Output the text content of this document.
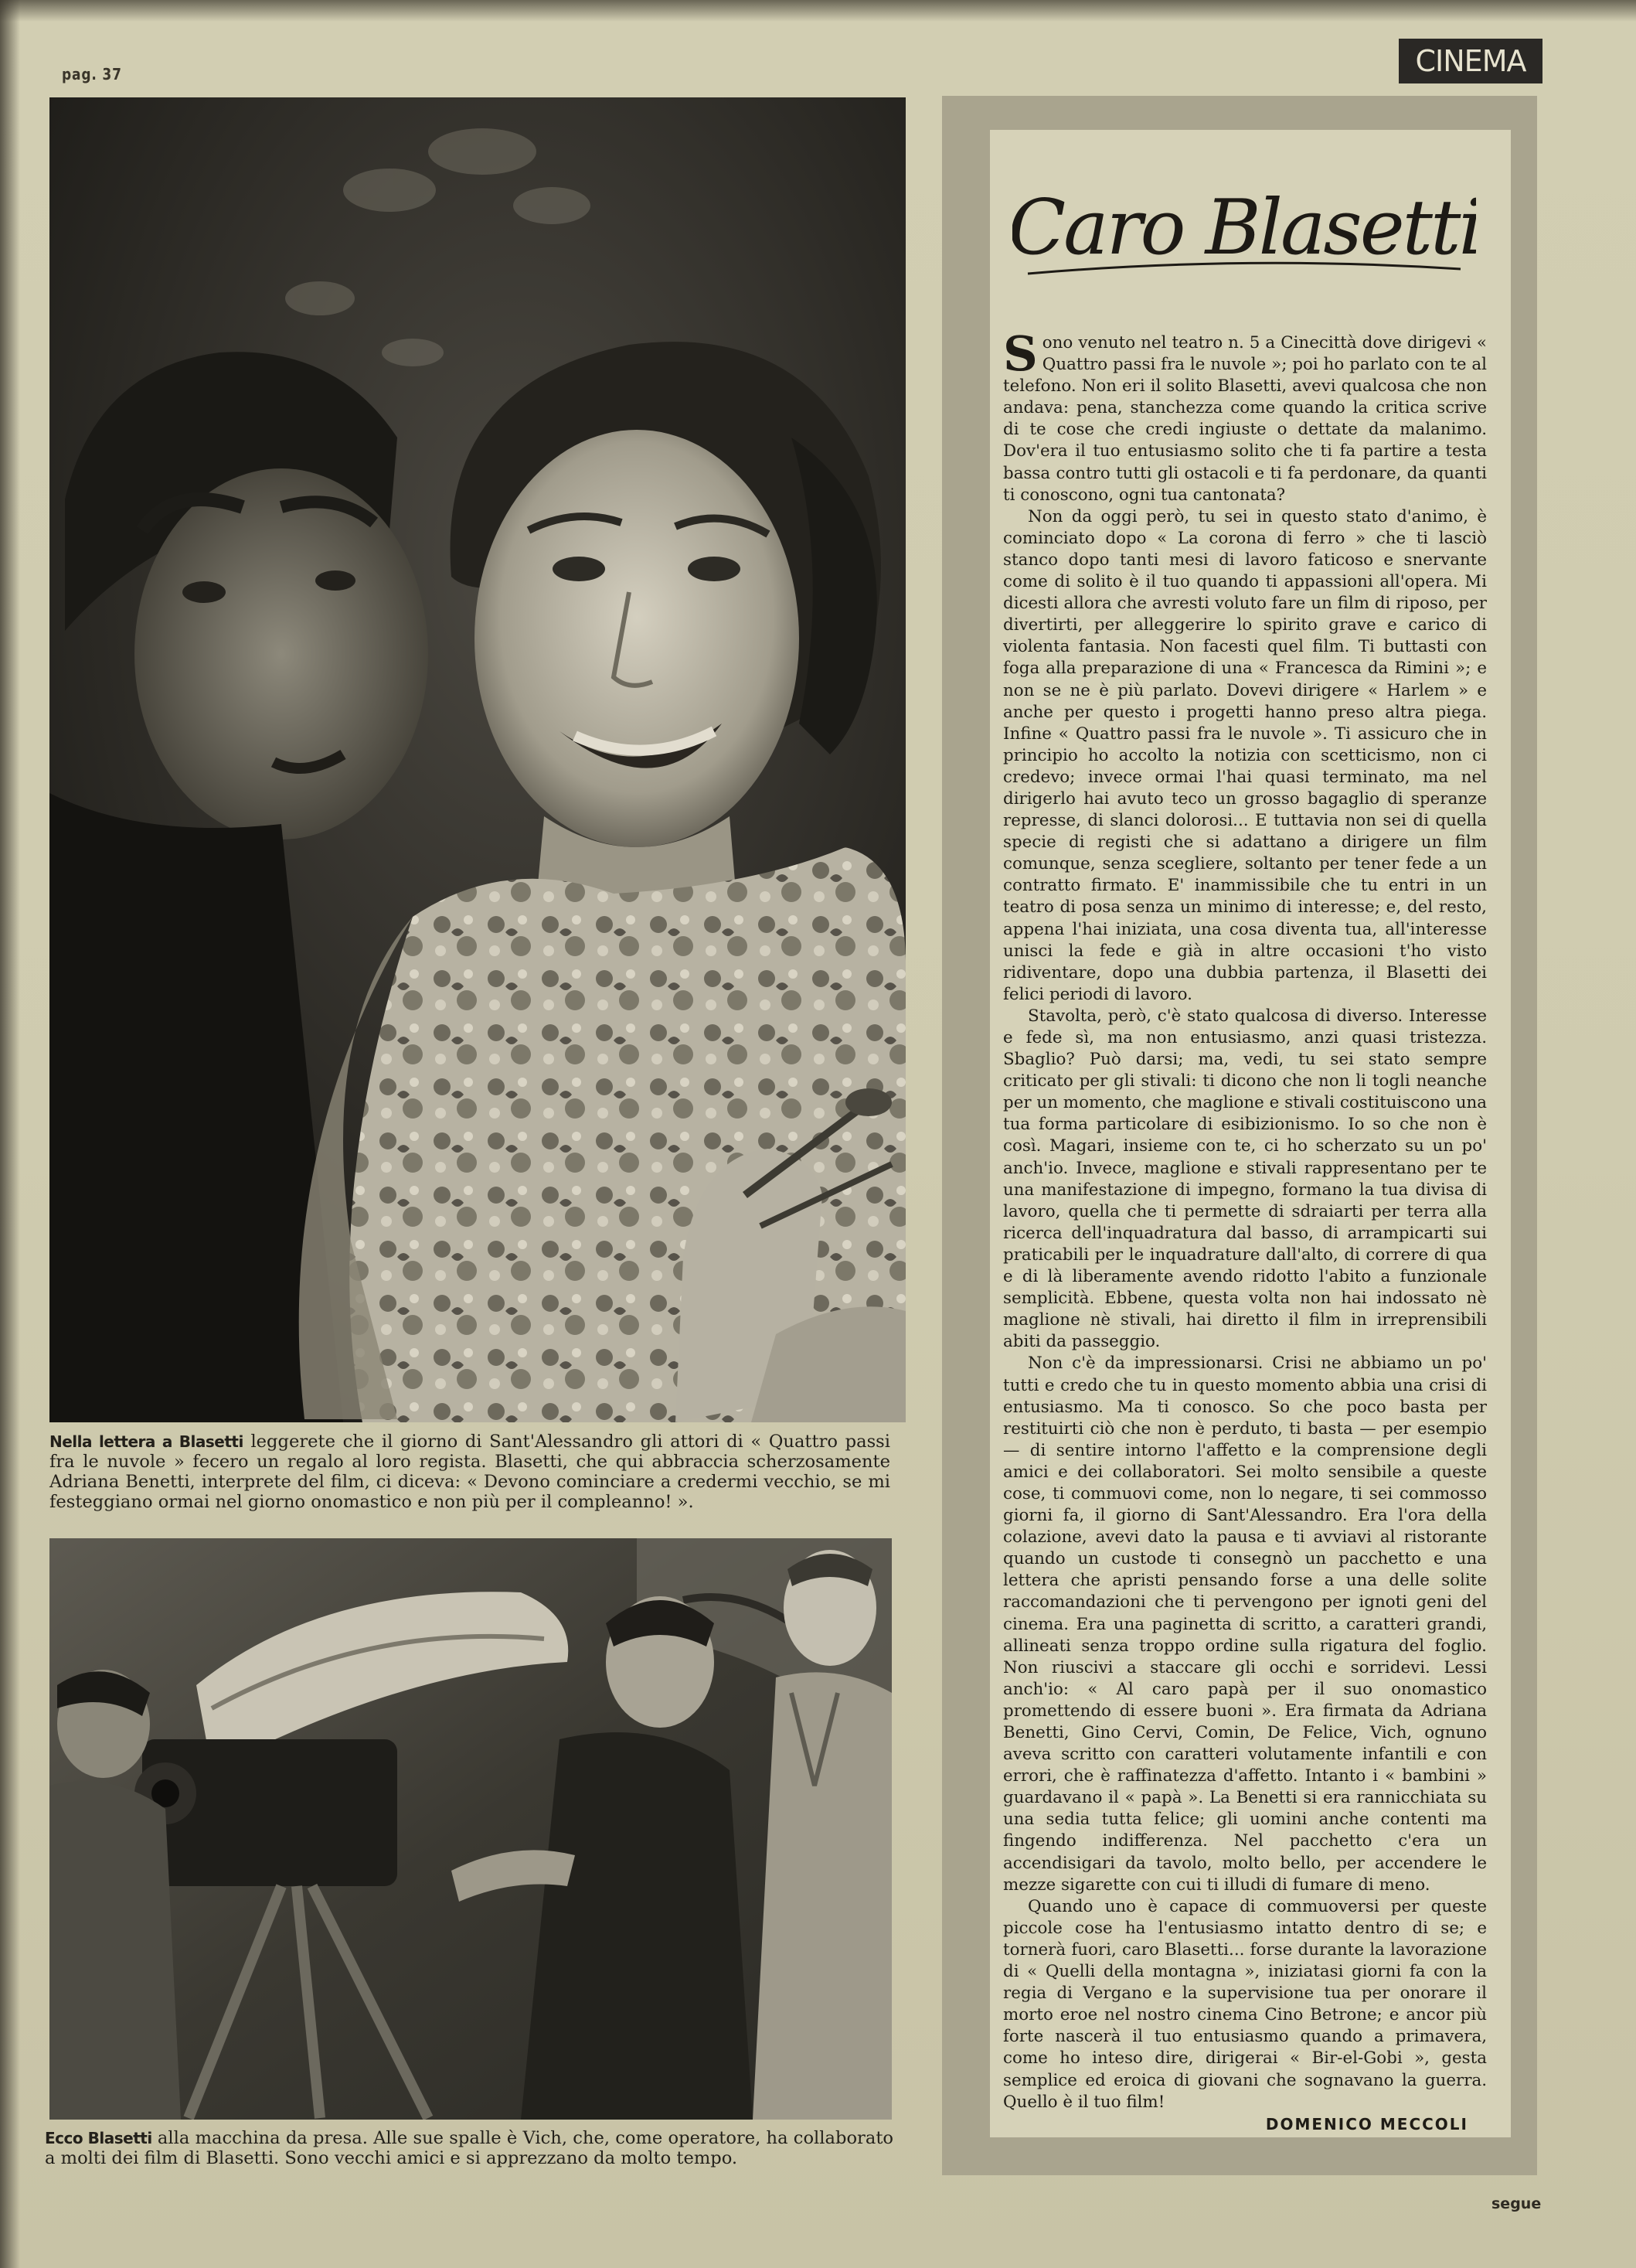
pag. 37	CINEMA
Nella lettera a Blasetti leggerete che il giorno di Sant'Alessandro gli attori di « Quattro passi fra le nuvole » fecero un regalo al loro regista. Blasetti, che qui abbraccia scherzosamente Adriana Benetti, interprete del film, ci diceva: « Devono cominciare a credermi vecchio, se mi festeggiano ormai nel giorno onomastico e non più per il compleanno! ».
Ecco Blasetti alla macchina da presa. Alle sue spalle è Vich, che, come operatore, ha collaborato a molti dei film di Blasetti. Sono vecchi amici e si apprezzano da molto tempo.
Caro Blasetti

Sono venuto nel teatro n. 5 a Cinecittà dove dirigevi « Quattro passi fra le nuvole »; poi ho parlato con te al telefono. Non eri il solito Blasetti, avevi qualcosa che non andava: pena, stanchezza come quando la critica scrive di te cose che credi ingiuste o dettate da malanimo. Dov'era il tuo entusiasmo solito che ti fa partire a testa bassa contro tutti gli ostacoli e ti fa perdonare, da quanti ti conoscono, ogni tua cantonata?

Non da oggi però, tu sei in questo stato d'animo, è cominciato dopo « La corona di ferro » che ti lasciò stanco dopo tanti mesi di lavoro faticoso e snervante come di solito è il tuo quando ti appassioni all'opera. Mi dicesti allora che avresti voluto fare un film di riposo, per divertirti, per alleggerire lo spirito grave e carico di violenta fantasia. Non facesti quel film. Ti buttasti con foga alla preparazione di una « Francesca da Rimini »; e non se ne è più parlato. Dovevi dirigere « Harlem » e anche per questo i progetti hanno preso altra piega. Infine « Quattro passi fra le nuvole ». Ti assicuro che in principio ho accolto la notizia con scetticismo, non ci credevo; invece ormai l'hai quasi terminato, ma nel dirigerlo hai avuto teco un grosso bagaglio di speranze represse, di slanci dolorosi... E tuttavia non sei di quella specie di registi che si adattano a dirigere un film comunque, senza scegliere, soltanto per tener fede a un contratto firmato. E' inammissibile che tu entri in un teatro di posa senza un minimo di interesse; e, del resto, appena l'hai iniziata, una cosa diventa tua, all'interesse unisci la fede e già in altre occasioni t'ho visto ridiventare, dopo una dubbia partenza, il Blasetti dei felici periodi di lavoro.

Stavolta, però, c'è stato qualcosa di diverso. Interesse e fede sì, ma non entusiasmo, anzi quasi tristezza. Sbaglio? Può darsi; ma, vedi, tu sei stato sempre criticato per gli stivali: ti dicono che non li togli neanche per un momento, che maglione e stivali costituiscono una tua forma particolare di esibizionismo. Io so che non è così. Magari, insieme con te, ci ho scherzato su un po' anch'io. Invece, maglione e stivali rappresentano per te una manifestazione di impegno, formano la tua divisa di lavoro, quella che ti permette di sdraiarti per terra alla ricerca dell'inquadratura dal basso, di arrampicarti sui praticabili per le inquadrature dall'alto, di correre di qua e di là liberamente avendo ridotto l'abito a funzionale semplicità. Ebbene, questa volta non hai indossato nè maglione nè stivali, hai diretto il film in irreprensibili abiti da passeggio.

Non c'è da impressionarsi. Crisi ne abbiamo un po' tutti e credo che tu in questo momento abbia una crisi di entusiasmo. Ma ti conosco. So che poco basta per restituirti ciò che non è perduto, ti basta — per esempio — di sentire intorno l'affetto e la comprensione degli amici e dei collaboratori. Sei molto sensibile a queste cose, ti commuovi come, non lo negare, ti sei commosso giorni fa, il giorno di Sant'Alessandro. Era l'ora della colazione, avevi dato la pausa e ti avviavi al ristorante quando un custode ti consegnò un pacchetto e una lettera che apristi pensando forse a una delle solite raccomandazioni che ti pervengono per ignoti geni del cinema. Era una paginetta di scritto, a caratteri grandi, allineati senza troppo ordine sulla rigatura del foglio. Non riuscivi a staccare gli occhi e sorridevi. Lessi anch'io: « Al caro papà per il suo onomastico promettendo di essere buoni ». Era firmata da Adriana Benetti, Gino Cervi, Comin, De Felice, Vich, ognuno aveva scritto con caratteri volutamente infantili e con errori, che è raffinatezza d'affetto. Intanto i « bambini » guardavano il « papà ». La Benetti si era rannicchiata su una sedia tutta felice; gli uomini anche contenti ma fingendo indifferenza. Nel pacchetto c'era un accendisigari da tavolo, molto bello, per accendere le mezze sigarette con cui ti illudi di fumare di meno.

Quando uno è capace di commuoversi per queste piccole cose ha l'entusiasmo intatto dentro di se; e tornerà fuori, caro Blasetti... forse durante la lavorazione di « Quelli della montagna », iniziatasi giorni fa con la regia di Vergano e la supervisione tua per onorare il morto eroe nel nostro cinema Cino Betrone; e ancor più forte nascerà il tuo entusiasmo quando a primavera, come ho inteso dire, dirigerai « Bir-el-Gobi », gesta semplice ed eroica di giovani che sognavano la guerra. Quello è il tuo film!

DOMENICO MECCOLI

segue
